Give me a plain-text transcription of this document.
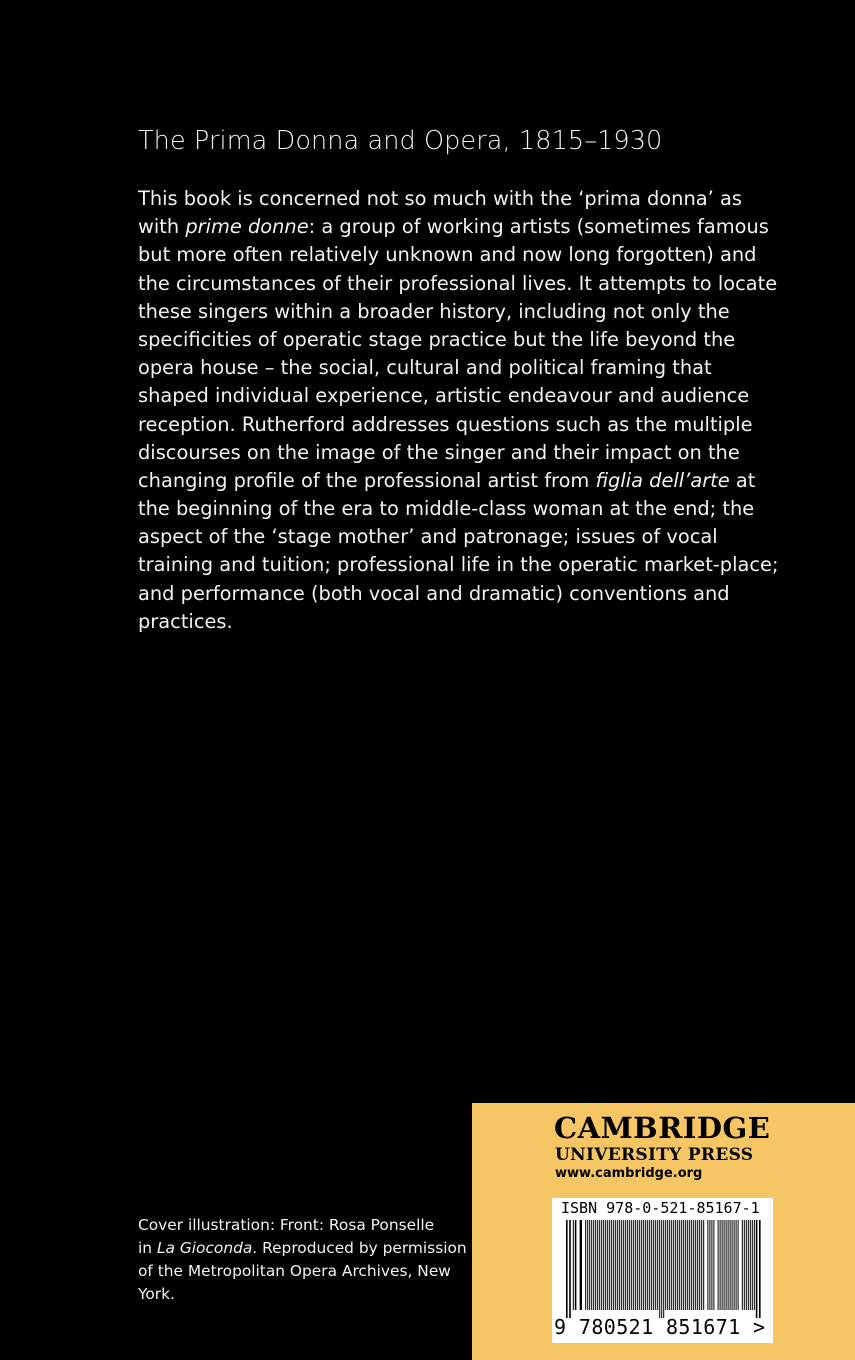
The Prima Donna and Opera, 1815–1930
This book is concerned not so much with the ‘prima donna’ as
with prime donne: a group of working artists (sometimes famous
but more often relatively unknown and now long forgotten) and
the circumstances of their professional lives. It attempts to locate
these singers within a broader history, including not only the
specificities of operatic stage practice but the life beyond the
opera house – the social, cultural and political framing that
shaped individual experience, artistic endeavour and audience
reception. Rutherford addresses questions such as the multiple
discourses on the image of the singer and their impact on the
changing profile of the professional artist from figlia dell’arte at
the beginning of the era to middle-class woman at the end; the
aspect of the ‘stage mother’ and patronage; issues of vocal
training and tuition; professional life in the operatic market-place;
and performance (both vocal and dramatic) conventions and
practices.
Cover illustration: Front: Rosa Ponselle
in La Gioconda. Reproduced by permission
of the Metropolitan Opera Archives, New
York.
CAMBRIDGE
UNIVERSITY PRESS
www.cambridge.org
ISBN 978-0-521-85167-1
9 780521 851671 >
